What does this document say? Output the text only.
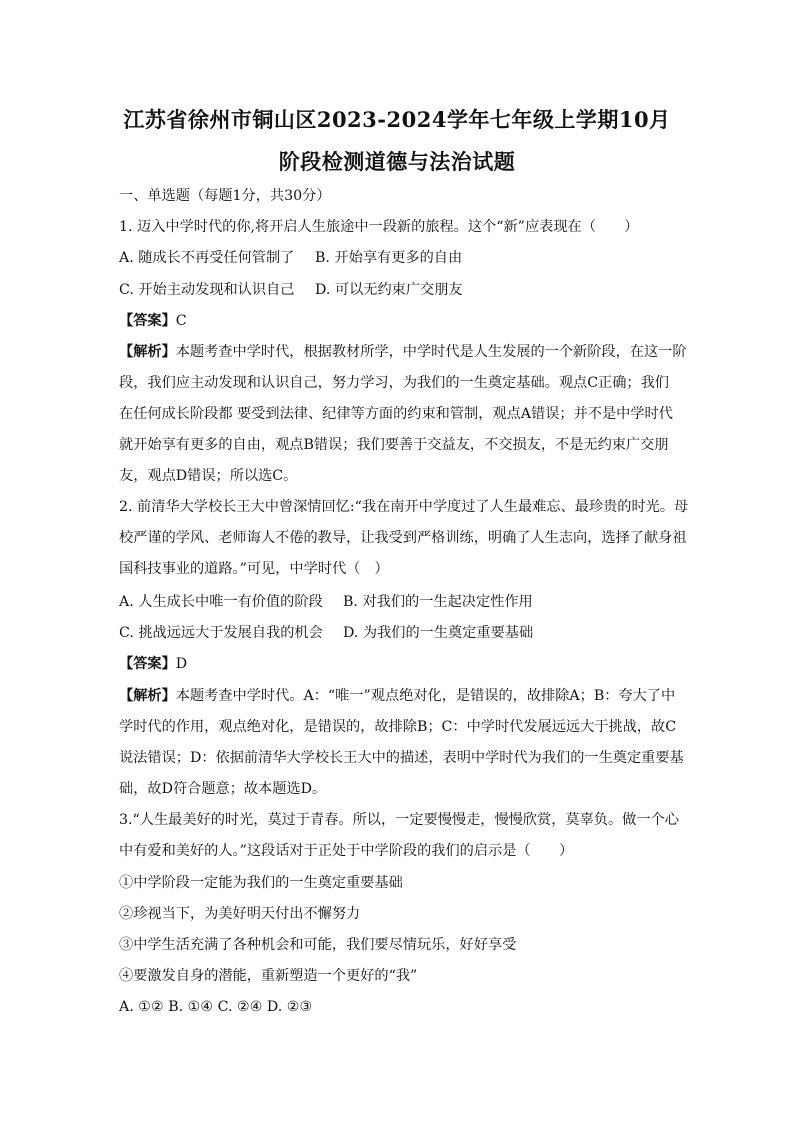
江苏省徐州市铜山区2023-2024学年七年级上学期10月
阶段检测道德与法治试题
一、单选题（每题1分，共30分）
1. 迈入中学时代的你,将开启人生旅途中一段新的旅程。这个“新”应表现在（　　）
A. 随成长不再受任何管制了 B. 开始享有更多的自由
C. 开始主动发现和认识自己 D. 可以无约束广交朋友
【答案】C
【解析】本题考查中学时代，根据教材所学，中学时代是人生发展的一个新阶段，在这一阶
段，我们应主动发现和认识自己，努力学习，为我们的一生奠定基础。观点C正确；我们
在任何成长阶段都 要受到法律、纪律等方面的约束和管制，观点A错误；并不是中学时代
就开始享有更多的自由，观点B错误；我们要善于交益友，不交损友，不是无约束广交朋
友，观点D错误；所以选C。
2. 前清华大学校长王大中曾深情回忆:“我在南开中学度过了人生最难忘、最珍贵的时光。母
校严谨的学风、老师诲人不倦的教导，让我受到严格训练，明确了人生志向，选择了献身祖
国科技事业的道路。”可见，中学时代（　）
A. 人生成长中唯一有价值的阶段 B. 对我们的一生起决定性作用
C. 挑战远远大于发展自我的机会 D. 为我们的一生奠定重要基础
【答案】D
【解析】本题考查中学时代。A：“唯一”观点绝对化，是错误的，故排除A；B：夸大了中
学时代的作用，观点绝对化，是错误的，故排除B；C：中学时代发展远远大于挑战，故C
说法错误；D：依据前清华大学校长王大中的描述，表明中学时代为我们的一生奠定重要基
础，故D符合题意；故本题选D。
3.“人生最美好的时光，莫过于青春。所以，一定要慢慢走，慢慢欣赏，莫辜负。做一个心
中有爱和美好的人。”这段话对于正处于中学阶段的我们的启示是（　　）
①中学阶段一定能为我们的一生奠定重要基础
②珍视当下，为美好明天付出不懈努力
③中学生活充满了各种机会和可能，我们要尽情玩乐，好好享受
④要激发自身的潜能，重新塑造一个更好的“我”
A. ①② B. ①④ C. ②④ D. ②③
